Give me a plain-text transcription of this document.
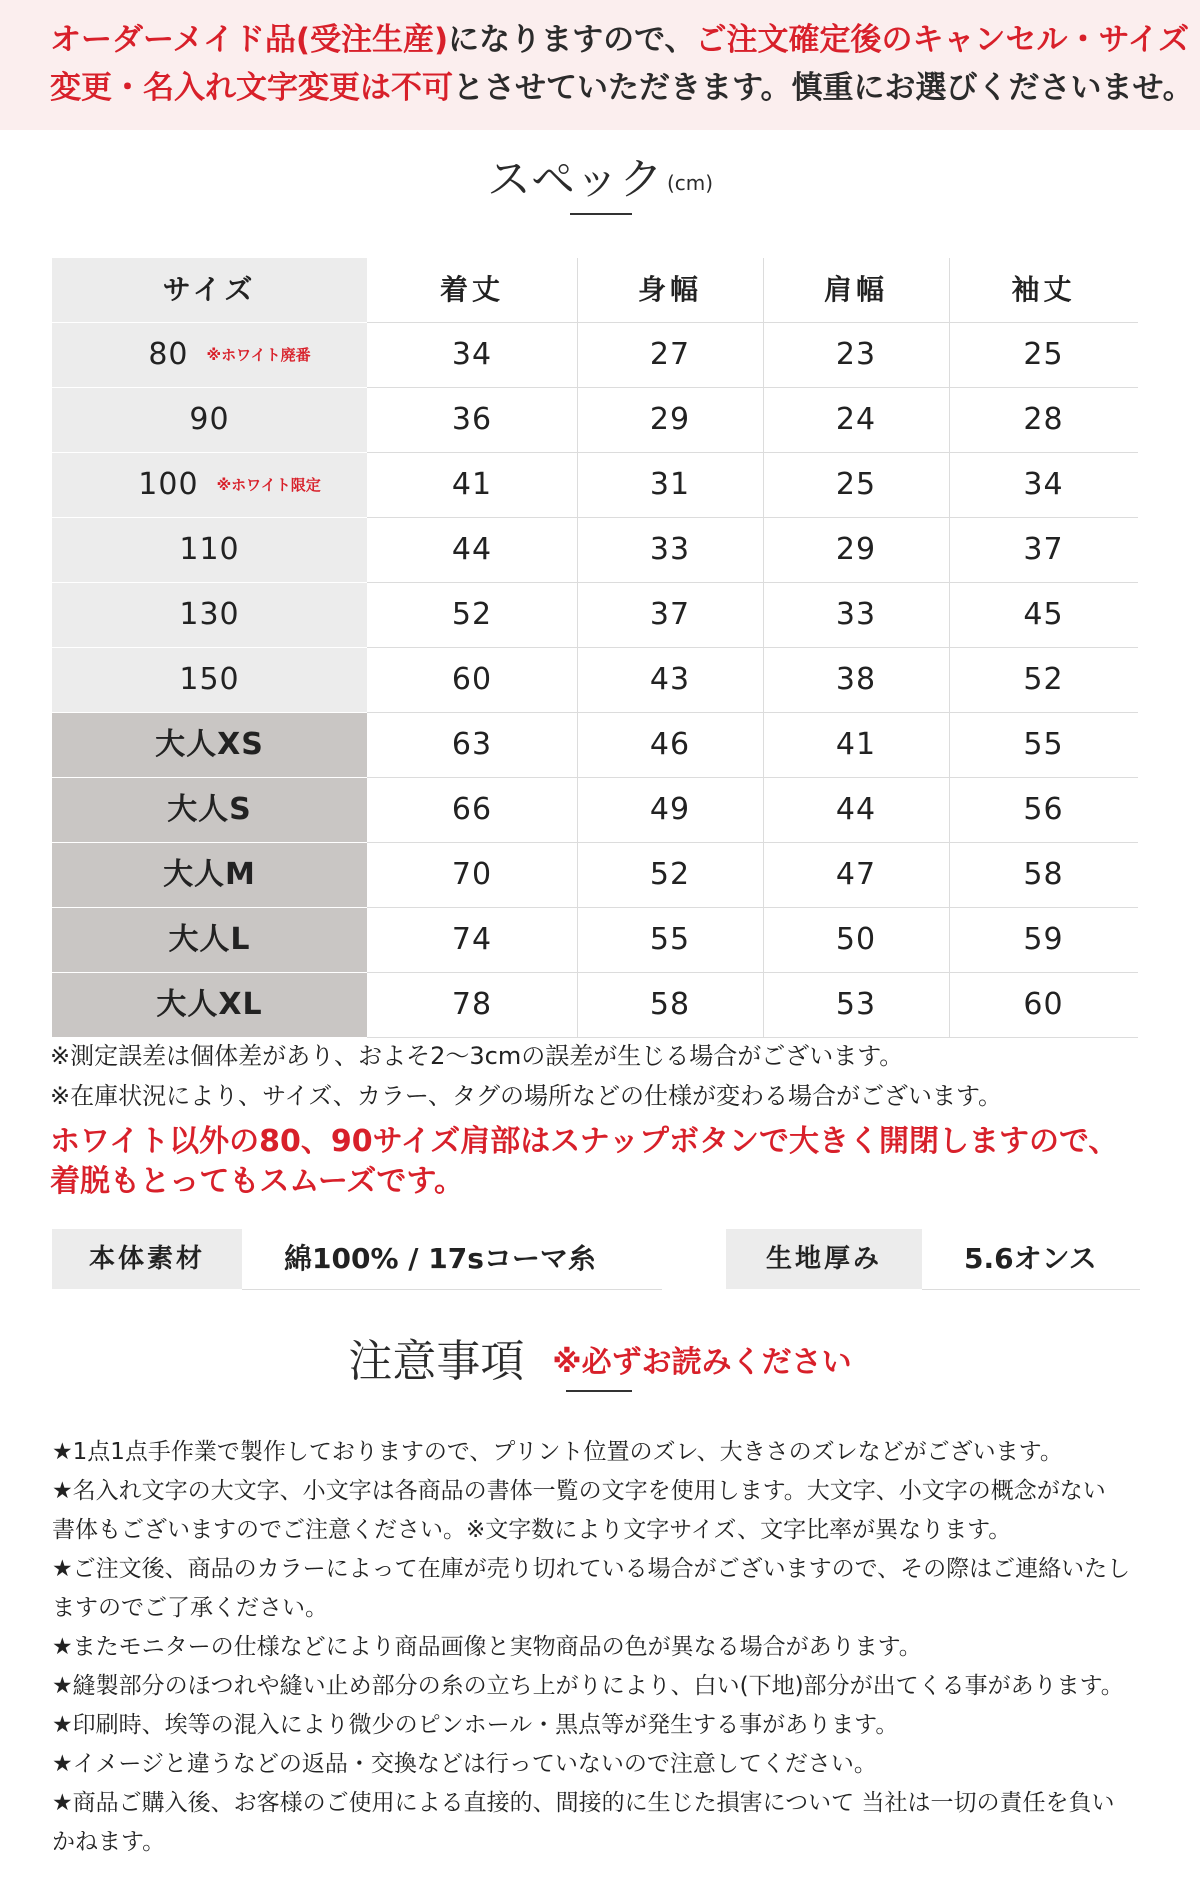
オーダーメイド品(受注生産)になりますので、ご注文確定後のキャンセル・サイズ

変更・名入れ文字変更は不可とさせていただきます。慎重にお選びくださいませ。

スペック (cm)
サイズ	着丈	身幅	肩幅	袖丈
80 ※ホワイト廃番	34	27	23	25
90	36	29	24	28
100 ※ホワイト限定	41	31	25	34
110	44	33	29	37
130	52	37	33	45
150	60	43	38	52
大人XS	63	46	41	55
大人S	66	49	44	56
大人M	70	52	47	58
大人L	74	55	50	59
大人XL	78	58	53	60

※測定誤差は個体差があり、およそ2〜3cmの誤差が生じる場合がございます。

※在庫状況により、サイズ、カラー、タグの場所などの仕様が変わる場合がございます。

ホワイト以外の80、90サイズ肩部はスナップボタンで大きく開閉しますので、

着脱もとってもスムーズです。

本体素材	綿100% / 17sコーマ糸	生地厚み	5.6オンス
注意事項 ※必ずお読みください

★1点1点手作業で製作しておりますので、プリント位置のズレ、大きさのズレなどがございます。

★名入れ文字の大文字、小文字は各商品の書体一覧の文字を使用します。大文字、小文字の概念がない

書体もございますのでご注意ください。※文字数により文字サイズ、文字比率が異なります。

★ご注文後、商品のカラーによって在庫が売り切れている場合がございますので、その際はご連絡いたし

ますのでご了承ください。

★またモニターの仕様などにより商品画像と実物商品の色が異なる場合があります。

★縫製部分のほつれや縫い止め部分の糸の立ち上がりにより、白い(下地)部分が出てくる事があります。

★印刷時、埃等の混入により微少のピンホール・黒点等が発生する事があります。

★イメージと違うなどの返品・交換などは行っていないので注意してください。

★商品ご購入後、お客様のご使用による直接的、間接的に生じた損害について 当社は一切の責任を負い

かねます。
